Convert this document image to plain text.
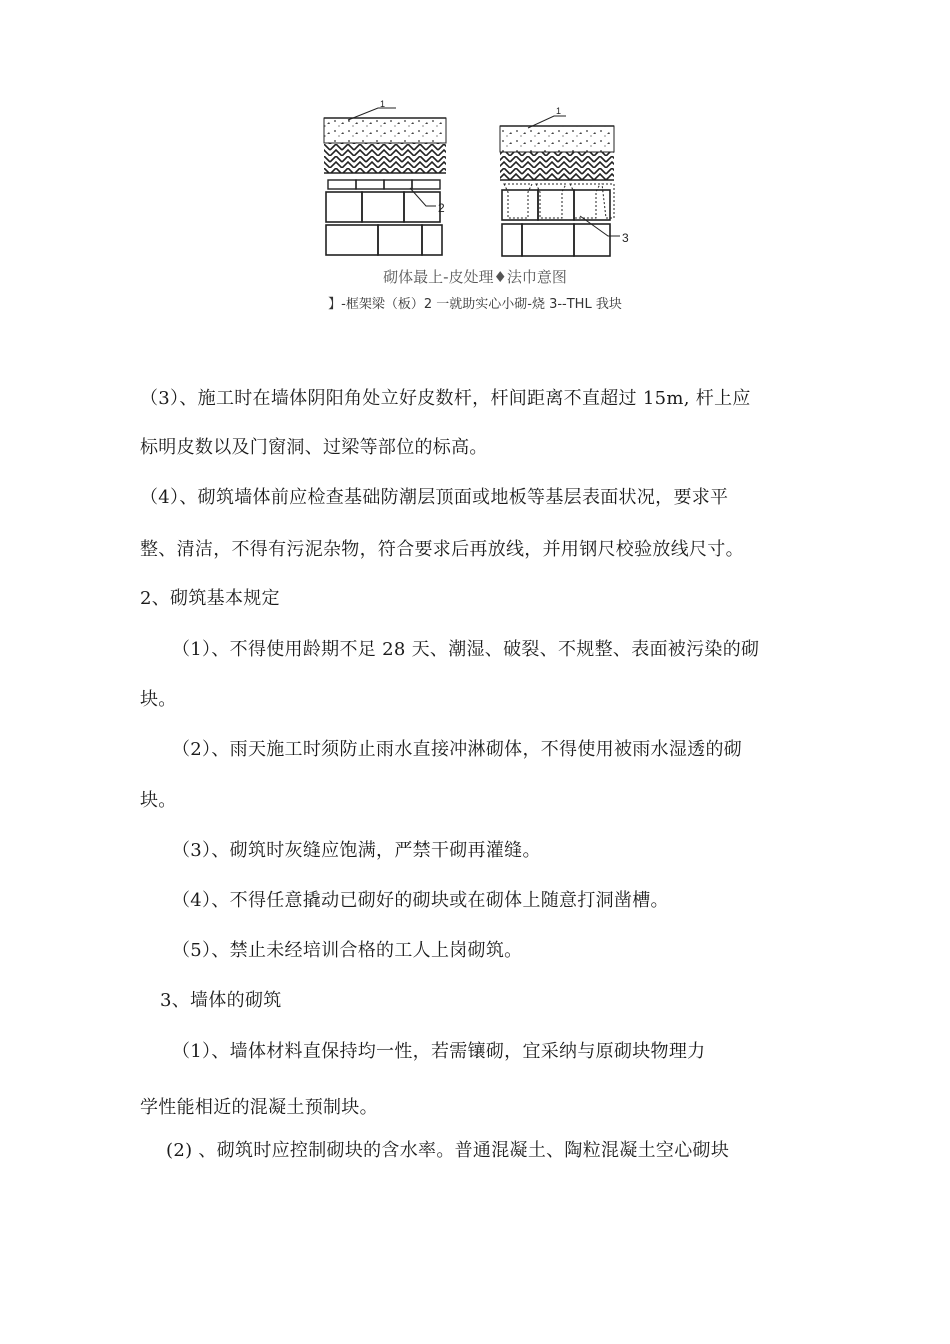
1
2
1
3
砌体最上-皮处理♦法巾意图
】-框架梁（板）2 一就助实心小砌-烧 3--THL 我块
（3）、施工时在墙体阴阳角处立好皮数杆，杆间距离不直超过 15m, 杆上应
标明皮数以及门窗洞、过梁等部位的标高。
（4）、砌筑墙体前应检查基础防潮层顶面或地板等基层表面状况，要求平
整、清洁，不得有污泥杂物，符合要求后再放线，并用钢尺校验放线尺寸。
2、砌筑基本规定
（1）、不得使用龄期不足 28 天、潮湿、破裂、不规整、表面被污染的砌
块。
（2）、雨天施工时须防止雨水直接冲淋砌体，不得使用被雨水湿透的砌
块。
（3）、砌筑时灰缝应饱满，严禁干砌再灌缝。
（4）、不得任意撬动已砌好的砌块或在砌体上随意打洞凿槽。
（5）、禁止未经培训合格的工人上岗砌筑。
3、墙体的砌筑
（1）、墙体材料直保持均一性，若需镶砌，宜采纳与原砌块物理力
学性能相近的混凝土预制块。
(2) 、砌筑时应控制砌块的含水率。普通混凝土、陶粒混凝土空心砌块
